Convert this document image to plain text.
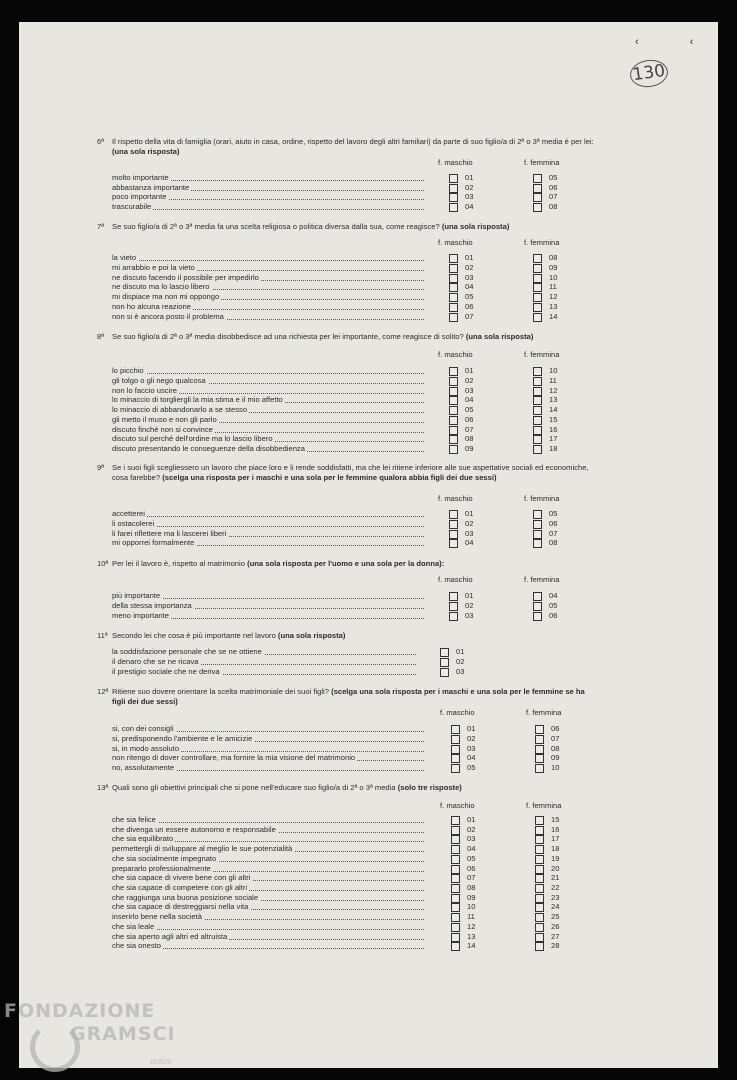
‹ ‹
130
6ª Il rispetto della vita di famiglia (orari, aiuto in casa, ordine, rispetto del lavoro degli altri familiari) da parte di suo figlio/a di 2ª o 3ª media è per lei: (una sola risposta)
f. maschio	f. femmina
molto importante	01	05
abbastanza importante	02	06
poco importante	03	07
trascurabile	04	08
7ª Se suo figlio/a di 2ª o 3ª media fa una scelta religiosa o politica diversa dalla sua, come reagisce? (una sola risposta)
f. maschio	f. femmina
la vieto	01	08
mi arrabbio e poi la vieto	02	09
ne discuto facendo il possibile per impedirlo	03	10
ne discuto ma lo lascio libero	04	11
mi dispiace ma non mi oppongo	05	12
non ho alcuna reazione	06	13
non si è ancora posto il problema	07	14
8ª Se suo figlio/a di 2ª o 3ª media disobbedisce ad una richiesta per lei importante, come reagisce di solito? (una sola risposta)
f. maschio	f. femmina
lo picchio	01	10
gli tolgo o gli nego qualcosa	02	11
non lo faccio uscire	03	12
lo minaccio di torgliergli la mia stima e il mio affetto	04	13
lo minaccio di abbandonarlo a se stesso	05	14
gli metto il muso e non gli parlo	06	15
discuto finché non si convince	07	16
discuto sul perché dell'ordine ma lo lascio libero	08	17
discuto presentando le conseguenze della disobbedienza	09	18
9ª Se i suoi figli scegliessero un lavoro che piace loro e li rende soddisfatti, ma che lei ritiene inferiore alle sue aspettative sociali ed economiche, cosa farebbe? (scelga una risposta per i maschi e una sola per le femmine qualora abbia figli dei due sessi)
f. maschio	f. femmina
accetterei	01	05
li ostacolerei	02	06
li farei riflettere ma li lascerei liberi	03	07
mi opporrei formalmente	04	08
10ª Per lei il lavoro è, rispetto al matrimonio (una sola risposta per l'uomo e una sola per la donna):
f. maschio	f. femmina
più importante	01	04
della stessa importanza	02	05
meno importante	03	06
11ª Secondo lei che cosa è più importante nel lavoro (una sola risposta)
la soddisfazione personale che se ne ottiene	01
il denaro che se ne ricava	02
il prestigio sociale che ne deriva	03
12ª Ritiene suo dovere orientare la scelta matrimoniale dei suoi figli? (scelga una sola risposta per i maschi e una sola per le femmine se ha figli dei due sessi)
f. maschio	f. femmina
si, con dei consigli	01	06
si, predisponendo l'ambiente e le amicizie	02	07
si, in modo assoluto	03	08
non ritengo di dover controllare, ma fornire la mia visione del matrimonio	04	09
no, assolutamente	05	10
13ª Quali sono gli obiettivi principali che si pone nell'educare suo figlio/a di 2ª o 3ª media (solo tre risposte)
f. maschio	f. femmina
che sia felice	01	15
che divenga un essere autonomo e responsabile	02	16
che sia equilibrato	03	17
permettergli di sviluppare al meglio le sue potenzialità	04	18
che sia socialmente impegnato	05	19
prepararlo professionalmente	06	20
che sia capace di vivere bene con gli altri	07	21
che sia capace di competere con gli altri	08	22
che raggiunga una buona posizione sociale	09	23
che sia capace di destreggiarsi nella vita	10	24
inserirlo bene nella società	11	25
che sia leale	12	26
che sia aperto agli altri ed altruista	13	27
che sia onesto	14	28
FONDAZIONE
GRAMSCI
onlus
